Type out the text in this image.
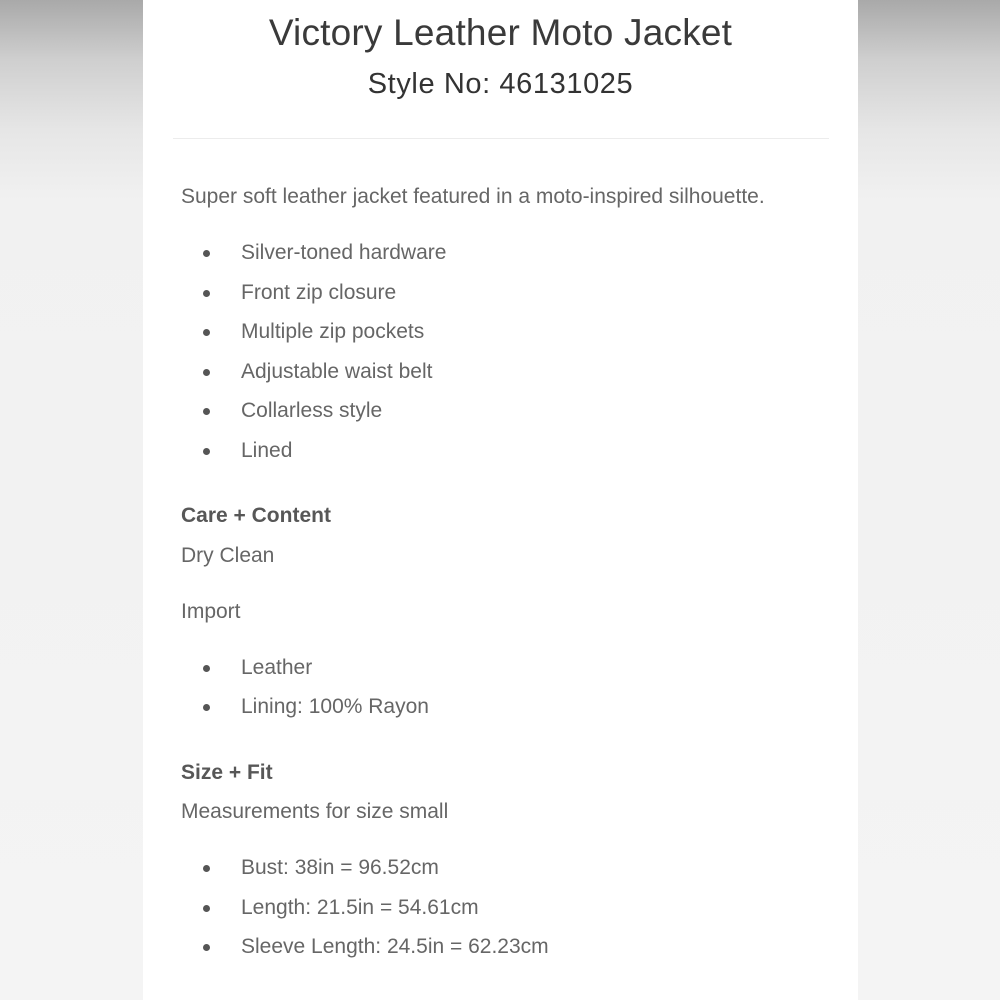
Victory Leather Moto Jacket
Style No: 46131025
Super soft leather jacket featured in a moto-inspired silhouette.
Silver-toned hardware
Front zip closure
Multiple zip pockets
Adjustable waist belt
Collarless style
Lined
Care + Content
Dry Clean
Import
Leather
Lining: 100% Rayon
Size + Fit
Measurements for size small
Bust: 38in = 96.52cm
Length: 21.5in = 54.61cm
Sleeve Length: 24.5in = 62.23cm
